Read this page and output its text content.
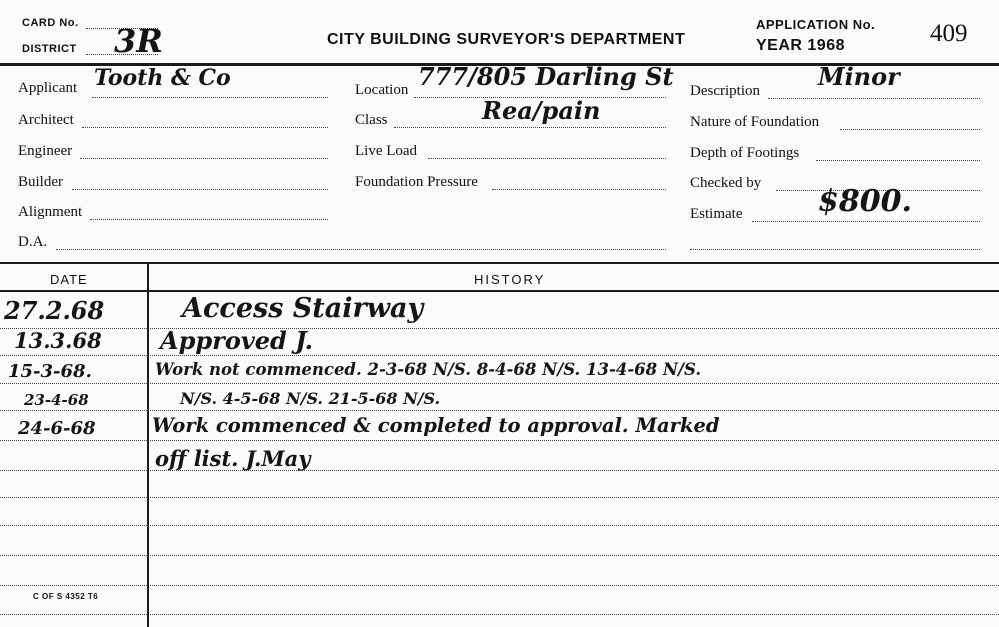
CARD No.
DISTRICT 3R	CITY BUILDING SURVEYOR'S DEPARTMENT
APPLICATION No.
YEAR 1968	409
Applicant Tooth & Co
Architect
Engineer
Builder
Alignment
D.A.
Location 777/805 Darling St
Class	Rea/pain
Live Load
Foundation Pressure
Description Minor
Nature of Foundation
Depth of Footings
Checked by
Estimate	$800.
DATE	HISTORY
27.2.68	Access Stairway
13.3.68 Approved J.
15-3-68.	Work not commenced. 2-3-68 N/S. 8-4-68 N/S. 13-4-68 N/S.
23-4-68	N/S. 4-5-68 N/S. 21-5-68 N/S.
24-6-68	Work commenced & completed to approval. Marked
off list. J.May
C OF S 4352 T6
